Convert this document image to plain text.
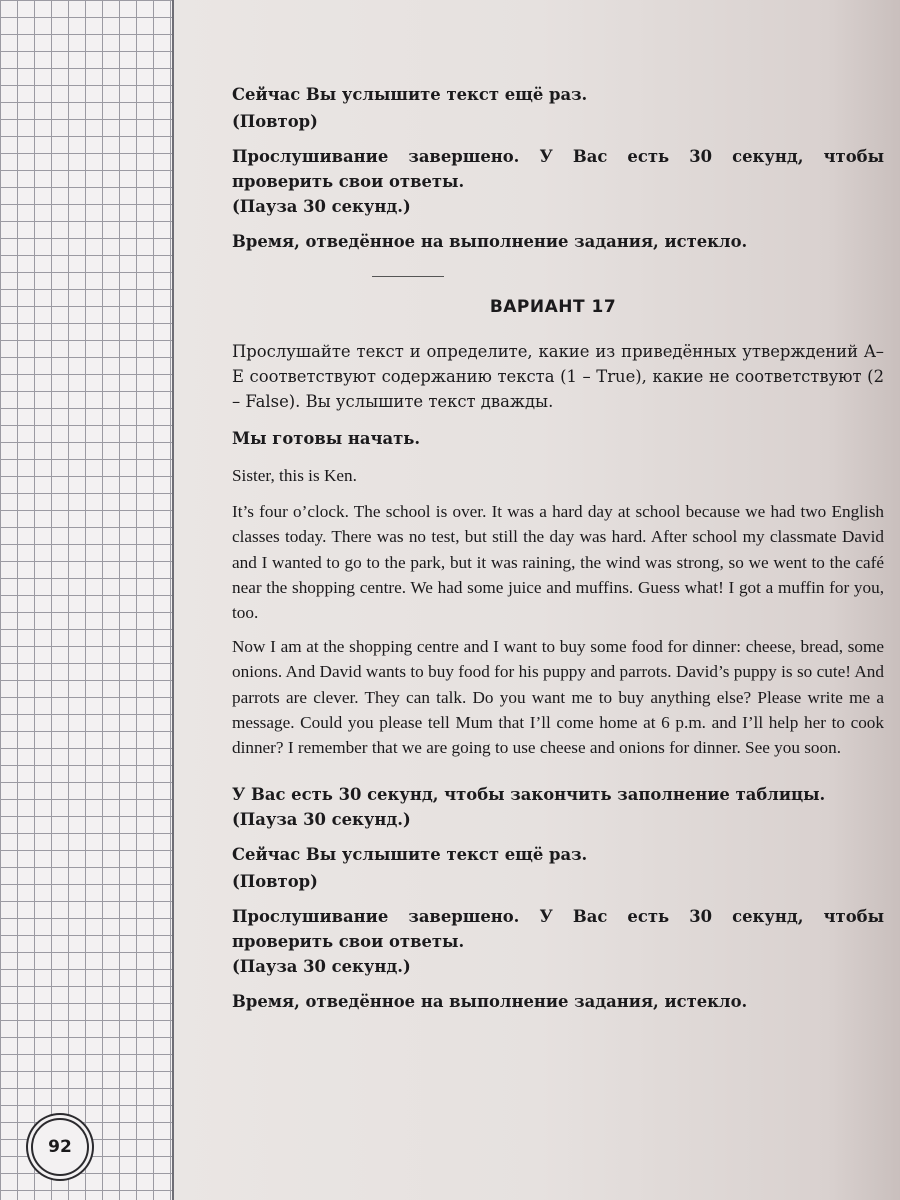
92

Сейчас Вы услышите текст ещё раз.

(Повтор)

Прослушивание завершено. У Вас есть 30 секунд, чтобы проверить свои ответы.

(Пауза 30 секунд.)

Время, отведённое на выполнение задания, истекло.

ВАРИАНТ 17

Прослушайте текст и определите, какие из приведённых утверждений A–E соответствуют содержанию текста (1 – True), какие не соответствуют (2 – False). Вы услышите текст дважды.

Мы готовы начать.

Sister, this is Ken.

It’s four o’clock. The school is over. It was a hard day at school because we had two English classes today. There was no test, but still the day was hard. After school my classmate David and I wanted to go to the park, but it was raining, the wind was strong, so we went to the café near the shopping centre. We had some juice and muffins. Guess what! I got a muffin for you, too.

Now I am at the shopping centre and I want to buy some food for dinner: cheese, bread, some onions. And David wants to buy food for his puppy and parrots. David’s puppy is so cute! And parrots are clever. They can talk. Do you want me to buy anything else? Please write me a message. Could you please tell Mum that I’ll come home at 6 p.m. and I’ll help her to cook dinner? I remember that we are going to use cheese and onions for dinner. See you soon.

У Вас есть 30 секунд, чтобы закончить заполнение таблицы.

(Пауза 30 секунд.)

Сейчас Вы услышите текст ещё раз.

(Повтор)

Прослушивание завершено. У Вас есть 30 секунд, чтобы проверить свои ответы.

(Пауза 30 секунд.)

Время, отведённое на выполнение задания, истекло.
